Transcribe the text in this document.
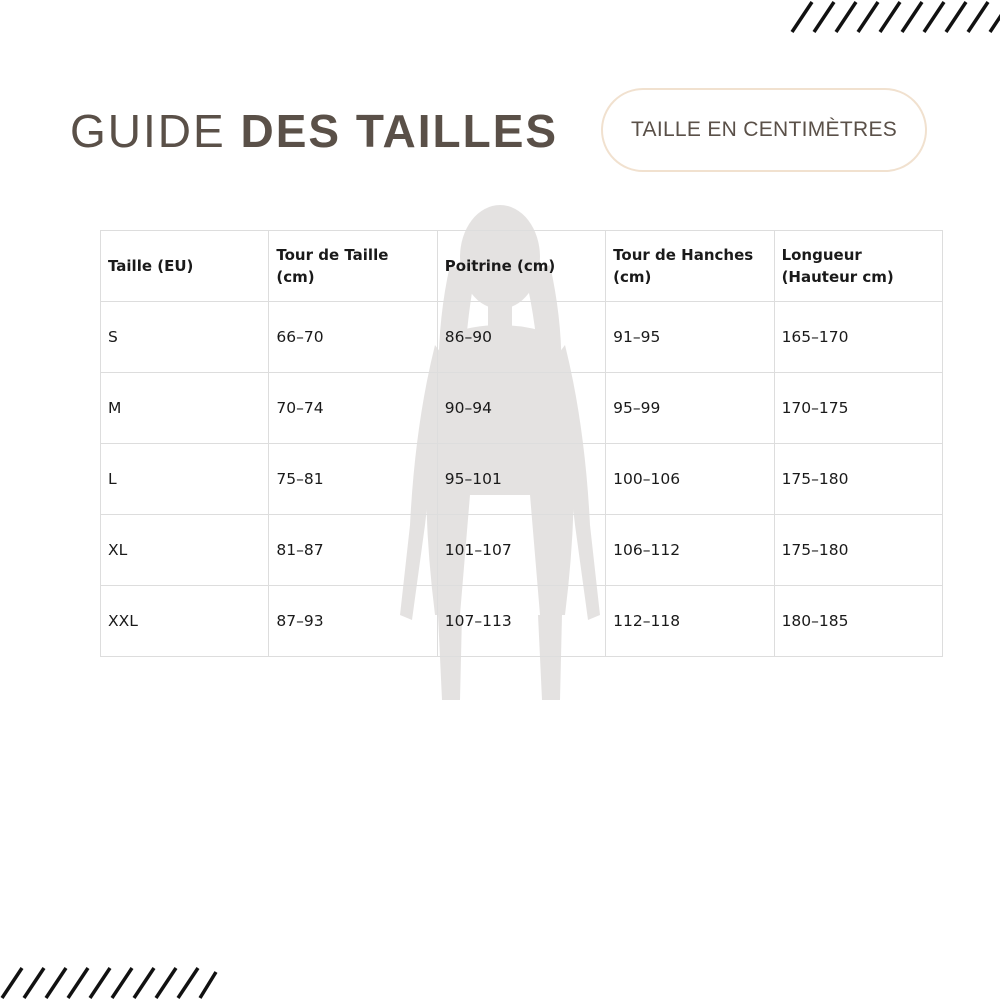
GUIDE DES TAILLES	TAILLE EN CENTIMÈTRES
Taille (EU)	Tour de Taille (cm)	Poitrine (cm)	Tour de Hanches (cm)	Longueur (Hauteur cm)
S	66–70	86–90	91–95	165–170
M	70–74	90–94	95–99	170–175
L	75–81	95–101	100–106	175–180
XL	81–87	101–107	106–112	175–180
XXL	87–93	107–113	112–118	180–185
